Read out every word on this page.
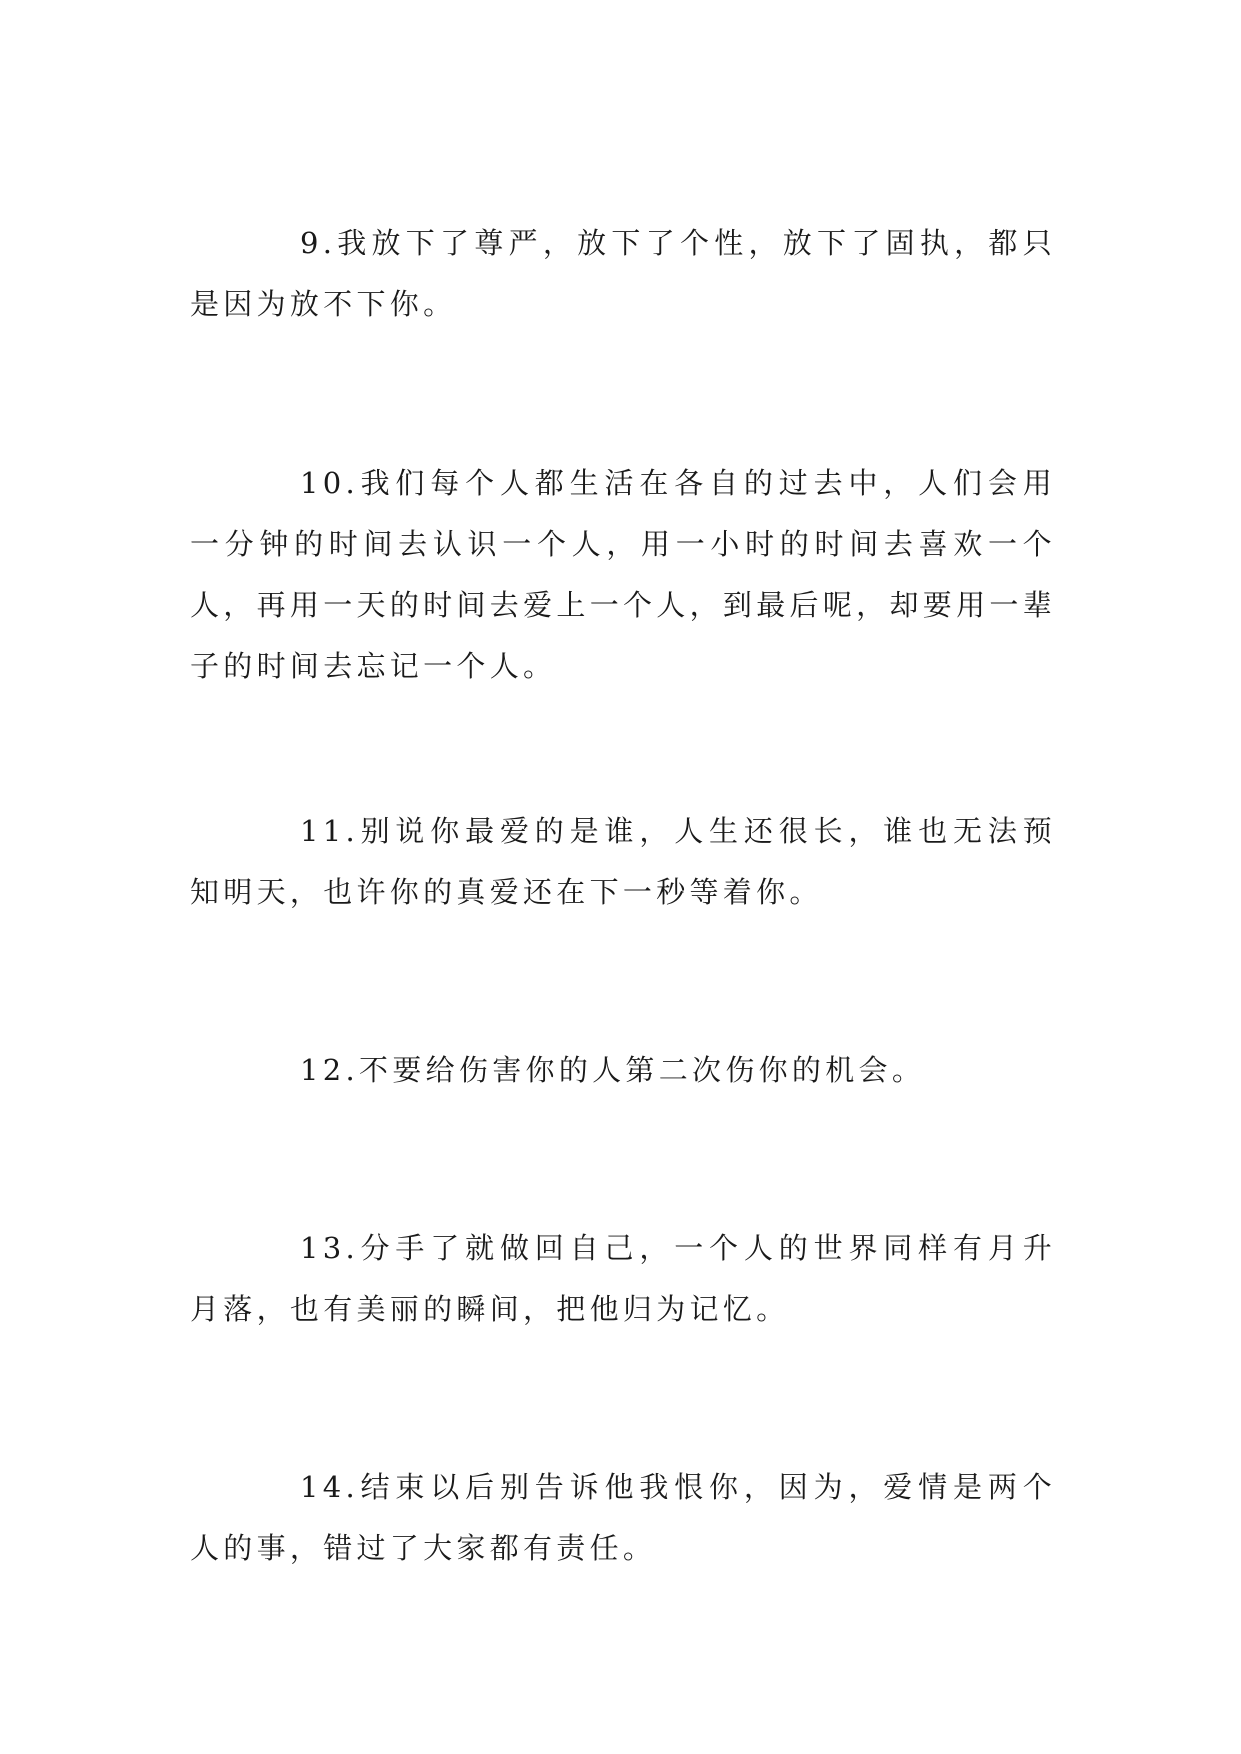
9.我放下了尊严，放下了个性，放下了固执，都只是因为放不下你。

10.我们每个人都生活在各自的过去中，人们会用一分钟的时间去认识一个人，用一小时的时间去喜欢一个人，再用一天的时间去爱上一个人，到最后呢，却要用一辈子的时间去忘记一个人。

11.别说你最爱的是谁，人生还很长，谁也无法预知明天，也许你的真爱还在下一秒等着你。

12.不要给伤害你的人第二次伤你的机会。

13.分手了就做回自己，一个人的世界同样有月升月落，也有美丽的瞬间，把他归为记忆。

14.结束以后别告诉他我恨你，因为，爱情是两个人的事，错过了大家都有责任。
